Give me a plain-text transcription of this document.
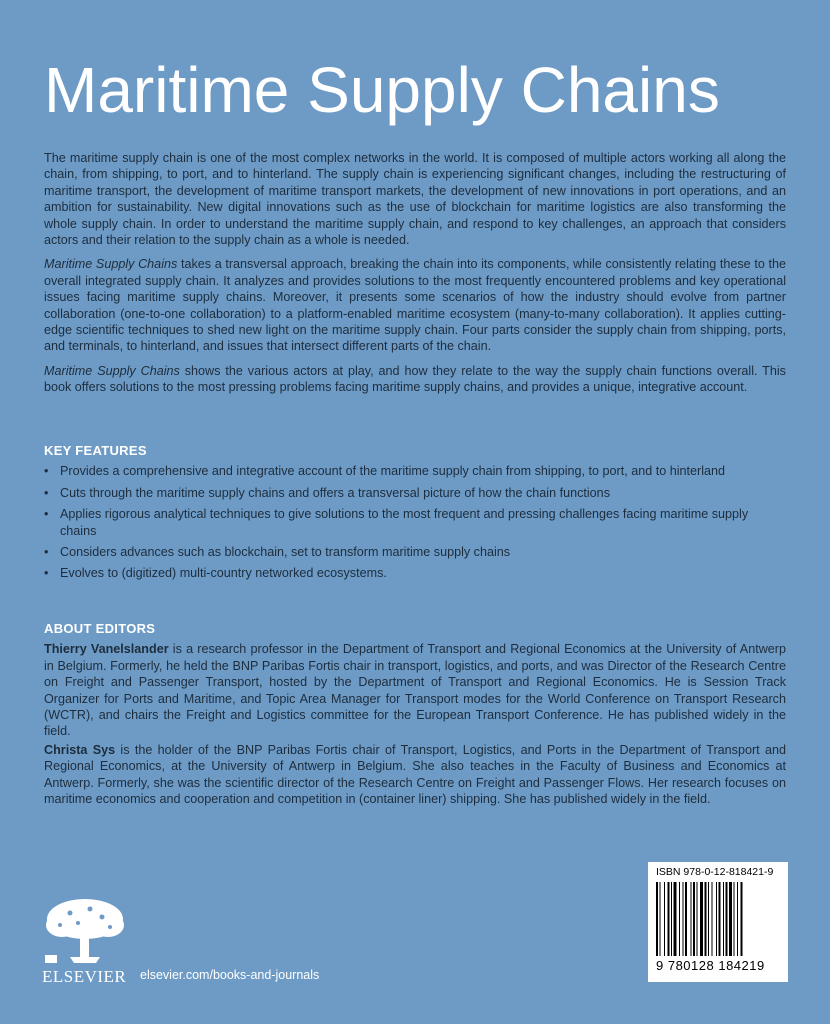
Maritime Supply Chains

The maritime supply chain is one of the most complex networks in the world. It is composed of multiple actors working all along the chain, from shipping, to port, and to hinterland. The supply chain is experiencing significant changes, including the restructuring of maritime transport, the development of maritime transport markets, the development of new innovations in port operations, and an ambition for sustainability. New digital innovations such as the use of blockchain for maritime logistics are also transforming the whole supply chain. In order to understand the maritime supply chain, and respond to key challenges, an approach that considers actors and their relation to the supply chain as a whole is needed.

Maritime Supply Chains takes a transversal approach, breaking the chain into its components, while consistently relating these to the overall integrated supply chain. It analyzes and provides solutions to the most frequently encountered problems and key operational issues facing maritime supply chains. Moreover, it presents some scenarios of how the industry should evolve from partner collaboration (one-to-one collaboration) to a platform-enabled maritime ecosystem (many-to-many collaboration). It applies cutting-edge scientific techniques to shed new light on the maritime supply chain. Four parts consider the supply chain from shipping, ports, and terminals, to hinterland, and issues that intersect different parts of the chain.

Maritime Supply Chains shows the various actors at play, and how they relate to the way the supply chain functions overall. This book offers solutions to the most pressing problems facing maritime supply chains, and provides a unique, integrative account.

KEY FEATURES
• Provides a comprehensive and integrative account of the maritime supply chain from shipping, to port, and to hinterland
• Cuts through the maritime supply chains and offers a transversal picture of how the chain functions
• Applies rigorous analytical techniques to give solutions to the most frequent and pressing challenges facing maritime supply chains
• Considers advances such as blockchain, set to transform maritime supply chains
• Evolves to (digitized) multi-country networked ecosystems.
ABOUT EDITORS

Thierry Vanelslander is a research professor in the Department of Transport and Regional Economics at the University of Antwerp in Belgium. Formerly, he held the BNP Paribas Fortis chair in transport, logistics, and ports, and was Director of the Research Centre on Freight and Passenger Transport, hosted by the Department of Transport and Regional Economics. He is Session Track Organizer for Ports and Maritime, and Topic Area Manager for Transport modes for the World Conference on Transport Research (WCTR), and chairs the Freight and Logistics committee for the European Transport Conference. He has published widely in the field.

Christa Sys is the holder of the BNP Paribas Fortis chair of Transport, Logistics, and Ports in the Department of Transport and Regional Economics, at the University of Antwerp in Belgium. She also teaches in the Faculty of Business and Economics at Antwerp. Formerly, she was the scientific director of the Research Centre on Freight and Passenger Flows. Her research focuses on maritime economics and cooperation and competition in (container liner) shipping. She has published widely in the field.

ELSEVIER elsevier.com/books-and-journals
ISBN 978-0-12-818421-9
9 780128 184219
